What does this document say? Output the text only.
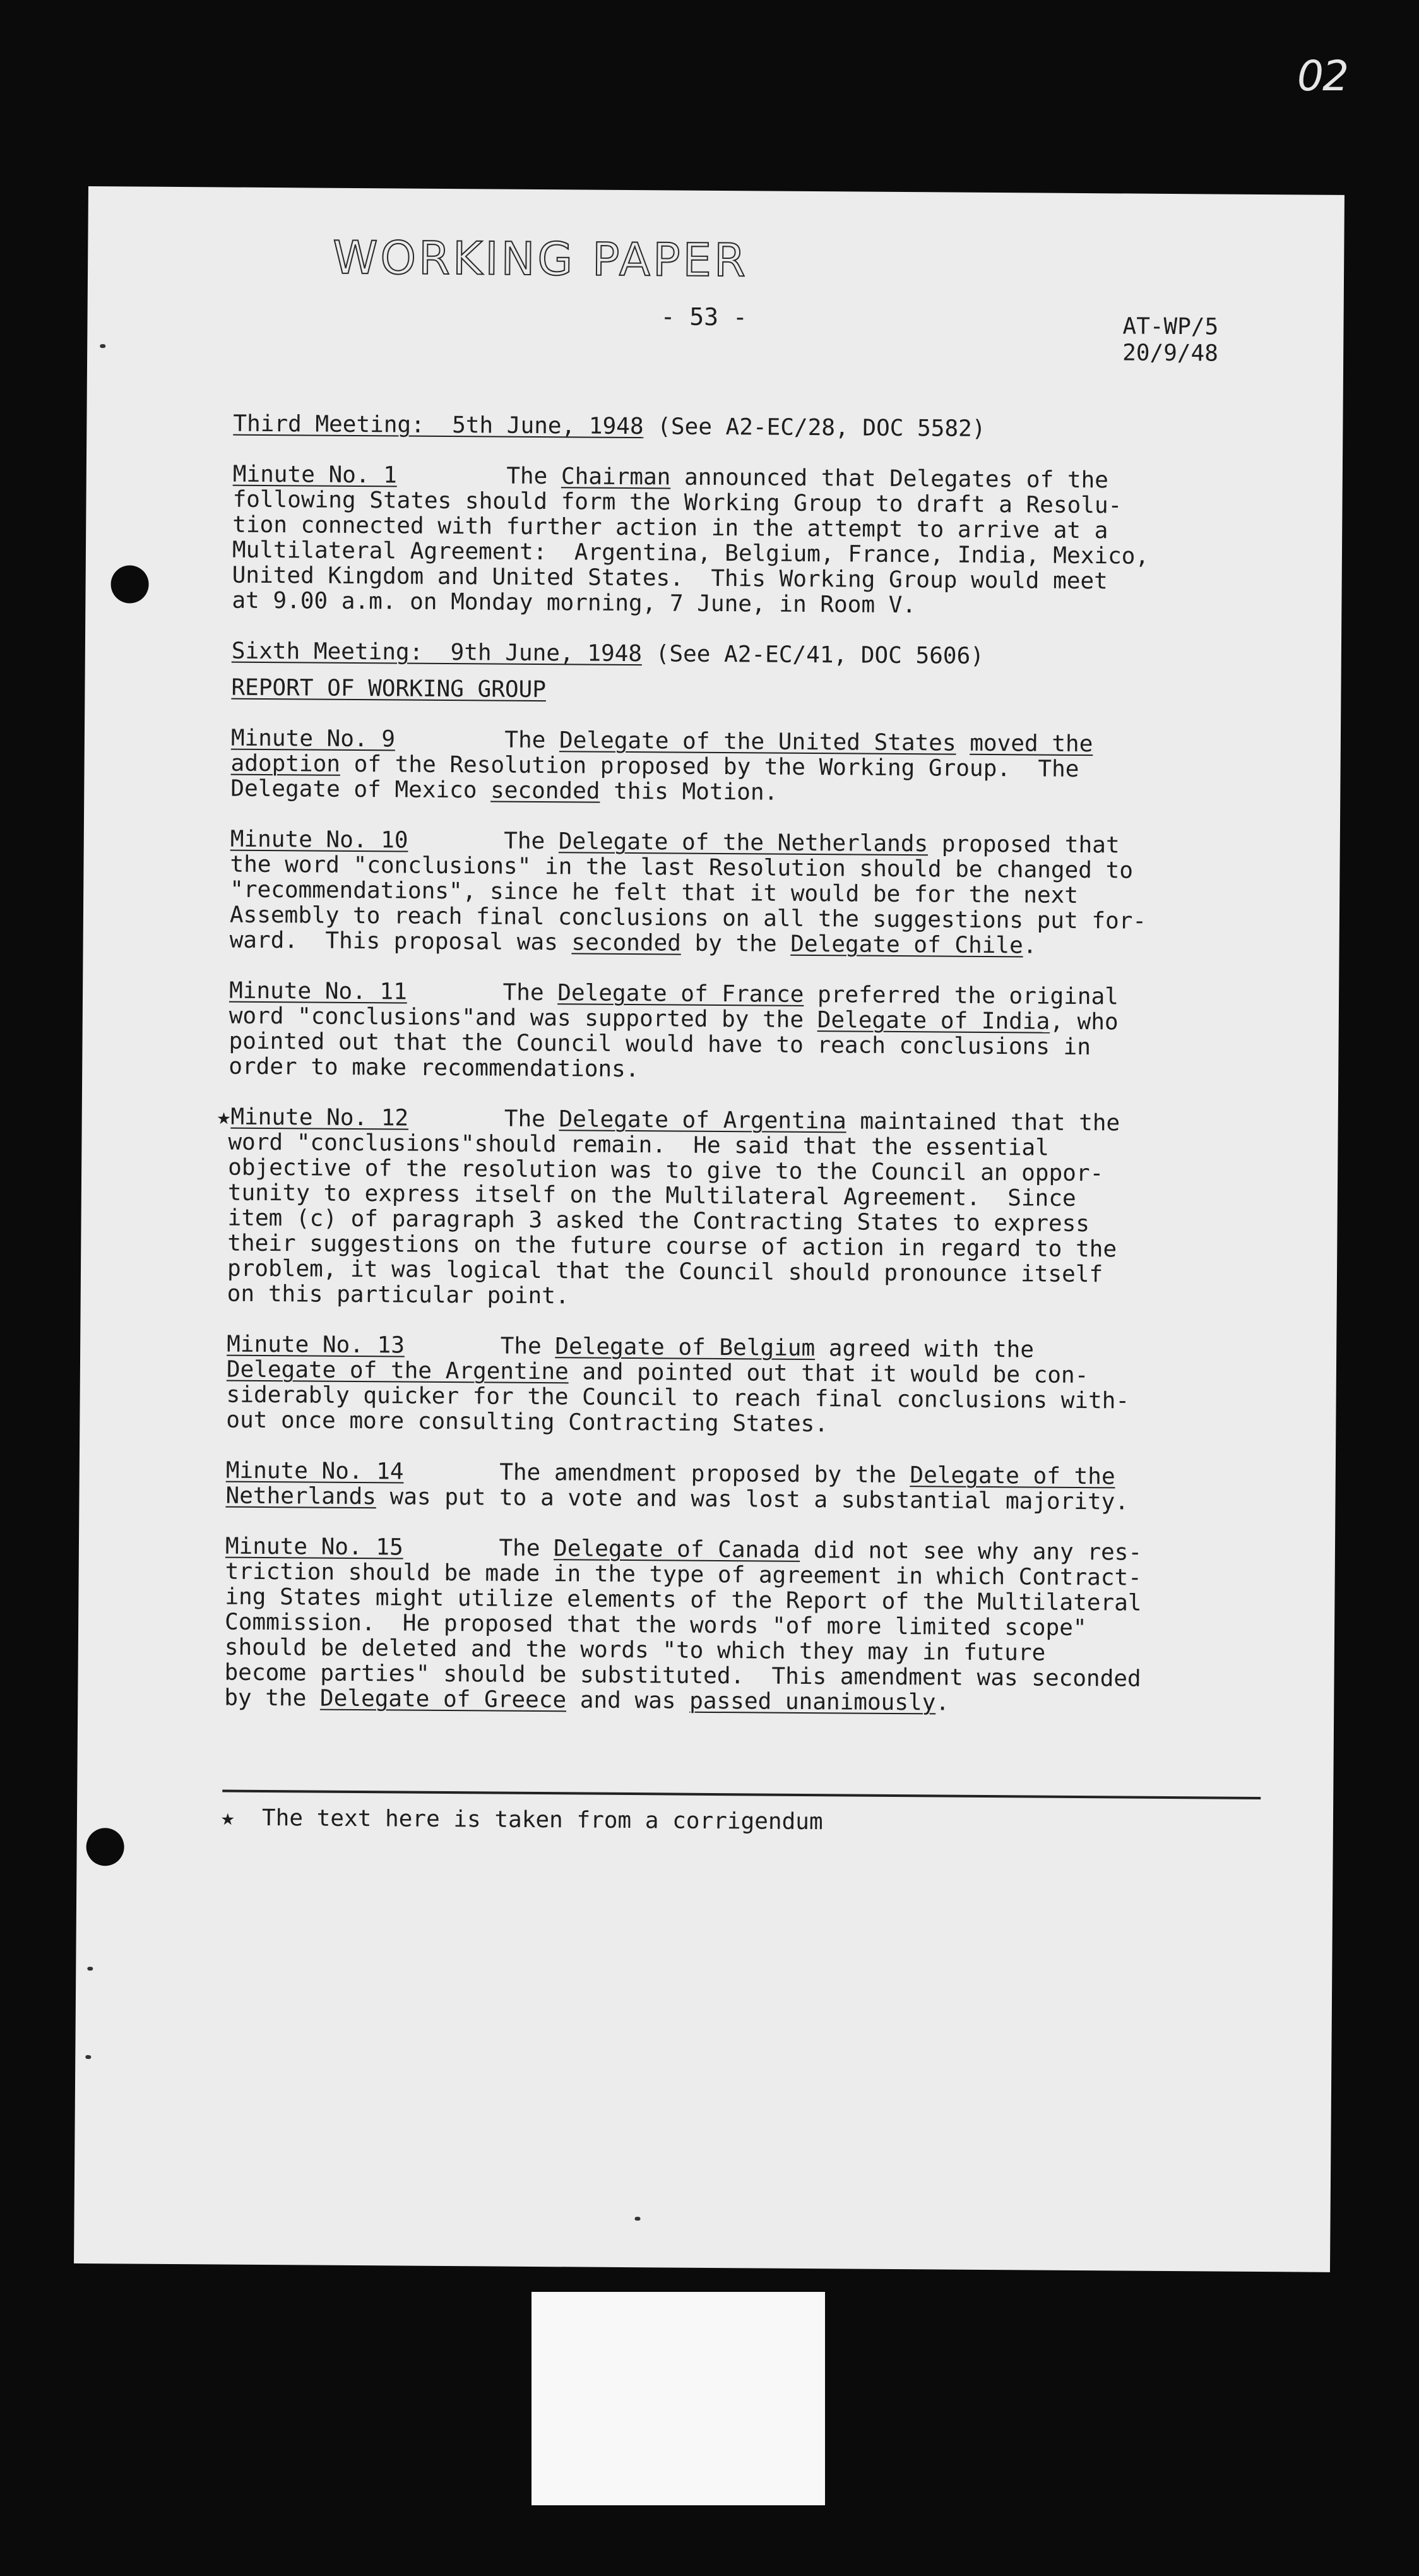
02
WORKING PAPER
- 53 -	AT-WP/5
20/9/48
Third Meeting:  5th June, 1948 (See A2-EC/28, DOC 5582)
Minute No. 1        The Chairman announced that Delegates of the
following States should form the Working Group to draft a Resolu-
tion connected with further action in the attempt to arrive at a
Multilateral Agreement:  Argentina, Belgium, France, India, Mexico,
United Kingdom and United States.  This Working Group would meet
at 9.00 a.m. on Monday morning, 7 June, in Room V.
Sixth Meeting:  9th June, 1948 (See A2-EC/41, DOC 5606)
REPORT OF WORKING GROUP
Minute No. 9        The Delegate of the United States moved the
adoption of the Resolution proposed by the Working Group.  The
Delegate of Mexico seconded this Motion.
Minute No. 10       The Delegate of the Netherlands proposed that
the word "conclusions" in the last Resolution should be changed to
"recommendations", since he felt that it would be for the next
Assembly to reach final conclusions on all the suggestions put for-
ward.  This proposal was seconded by the Delegate of Chile.
Minute No. 11       The Delegate of France preferred the original
word "conclusions"and was supported by the Delegate of India, who
pointed out that the Council would have to reach conclusions in
order to make recommendations.
★Minute No. 12       The Delegate of Argentina maintained that the
word "conclusions"should remain.  He said that the essential
objective of the resolution was to give to the Council an oppor-
tunity to express itself on the Multilateral Agreement.  Since
item (c) of paragraph 3 asked the Contracting States to express
their suggestions on the future course of action in regard to the
problem, it was logical that the Council should pronounce itself
on this particular point.
Minute No. 13       The Delegate of Belgium agreed with the
Delegate of the Argentine and pointed out that it would be con-
siderably quicker for the Council to reach final conclusions with-
out once more consulting Contracting States.
Minute No. 14       The amendment proposed by the Delegate of the
Netherlands was put to a vote and was lost a substantial majority.
Minute No. 15       The Delegate of Canada did not see why any res-
triction should be made in the type of agreement in which Contract-
ing States might utilize elements of the Report of the Multilateral
Commission.  He proposed that the words "of more limited scope"
should be deleted and the words "to which they may in future
become parties" should be substituted.  This amendment was seconded
by the Delegate of Greece and was passed unanimously.
★  The text here is taken from a corrigendum
